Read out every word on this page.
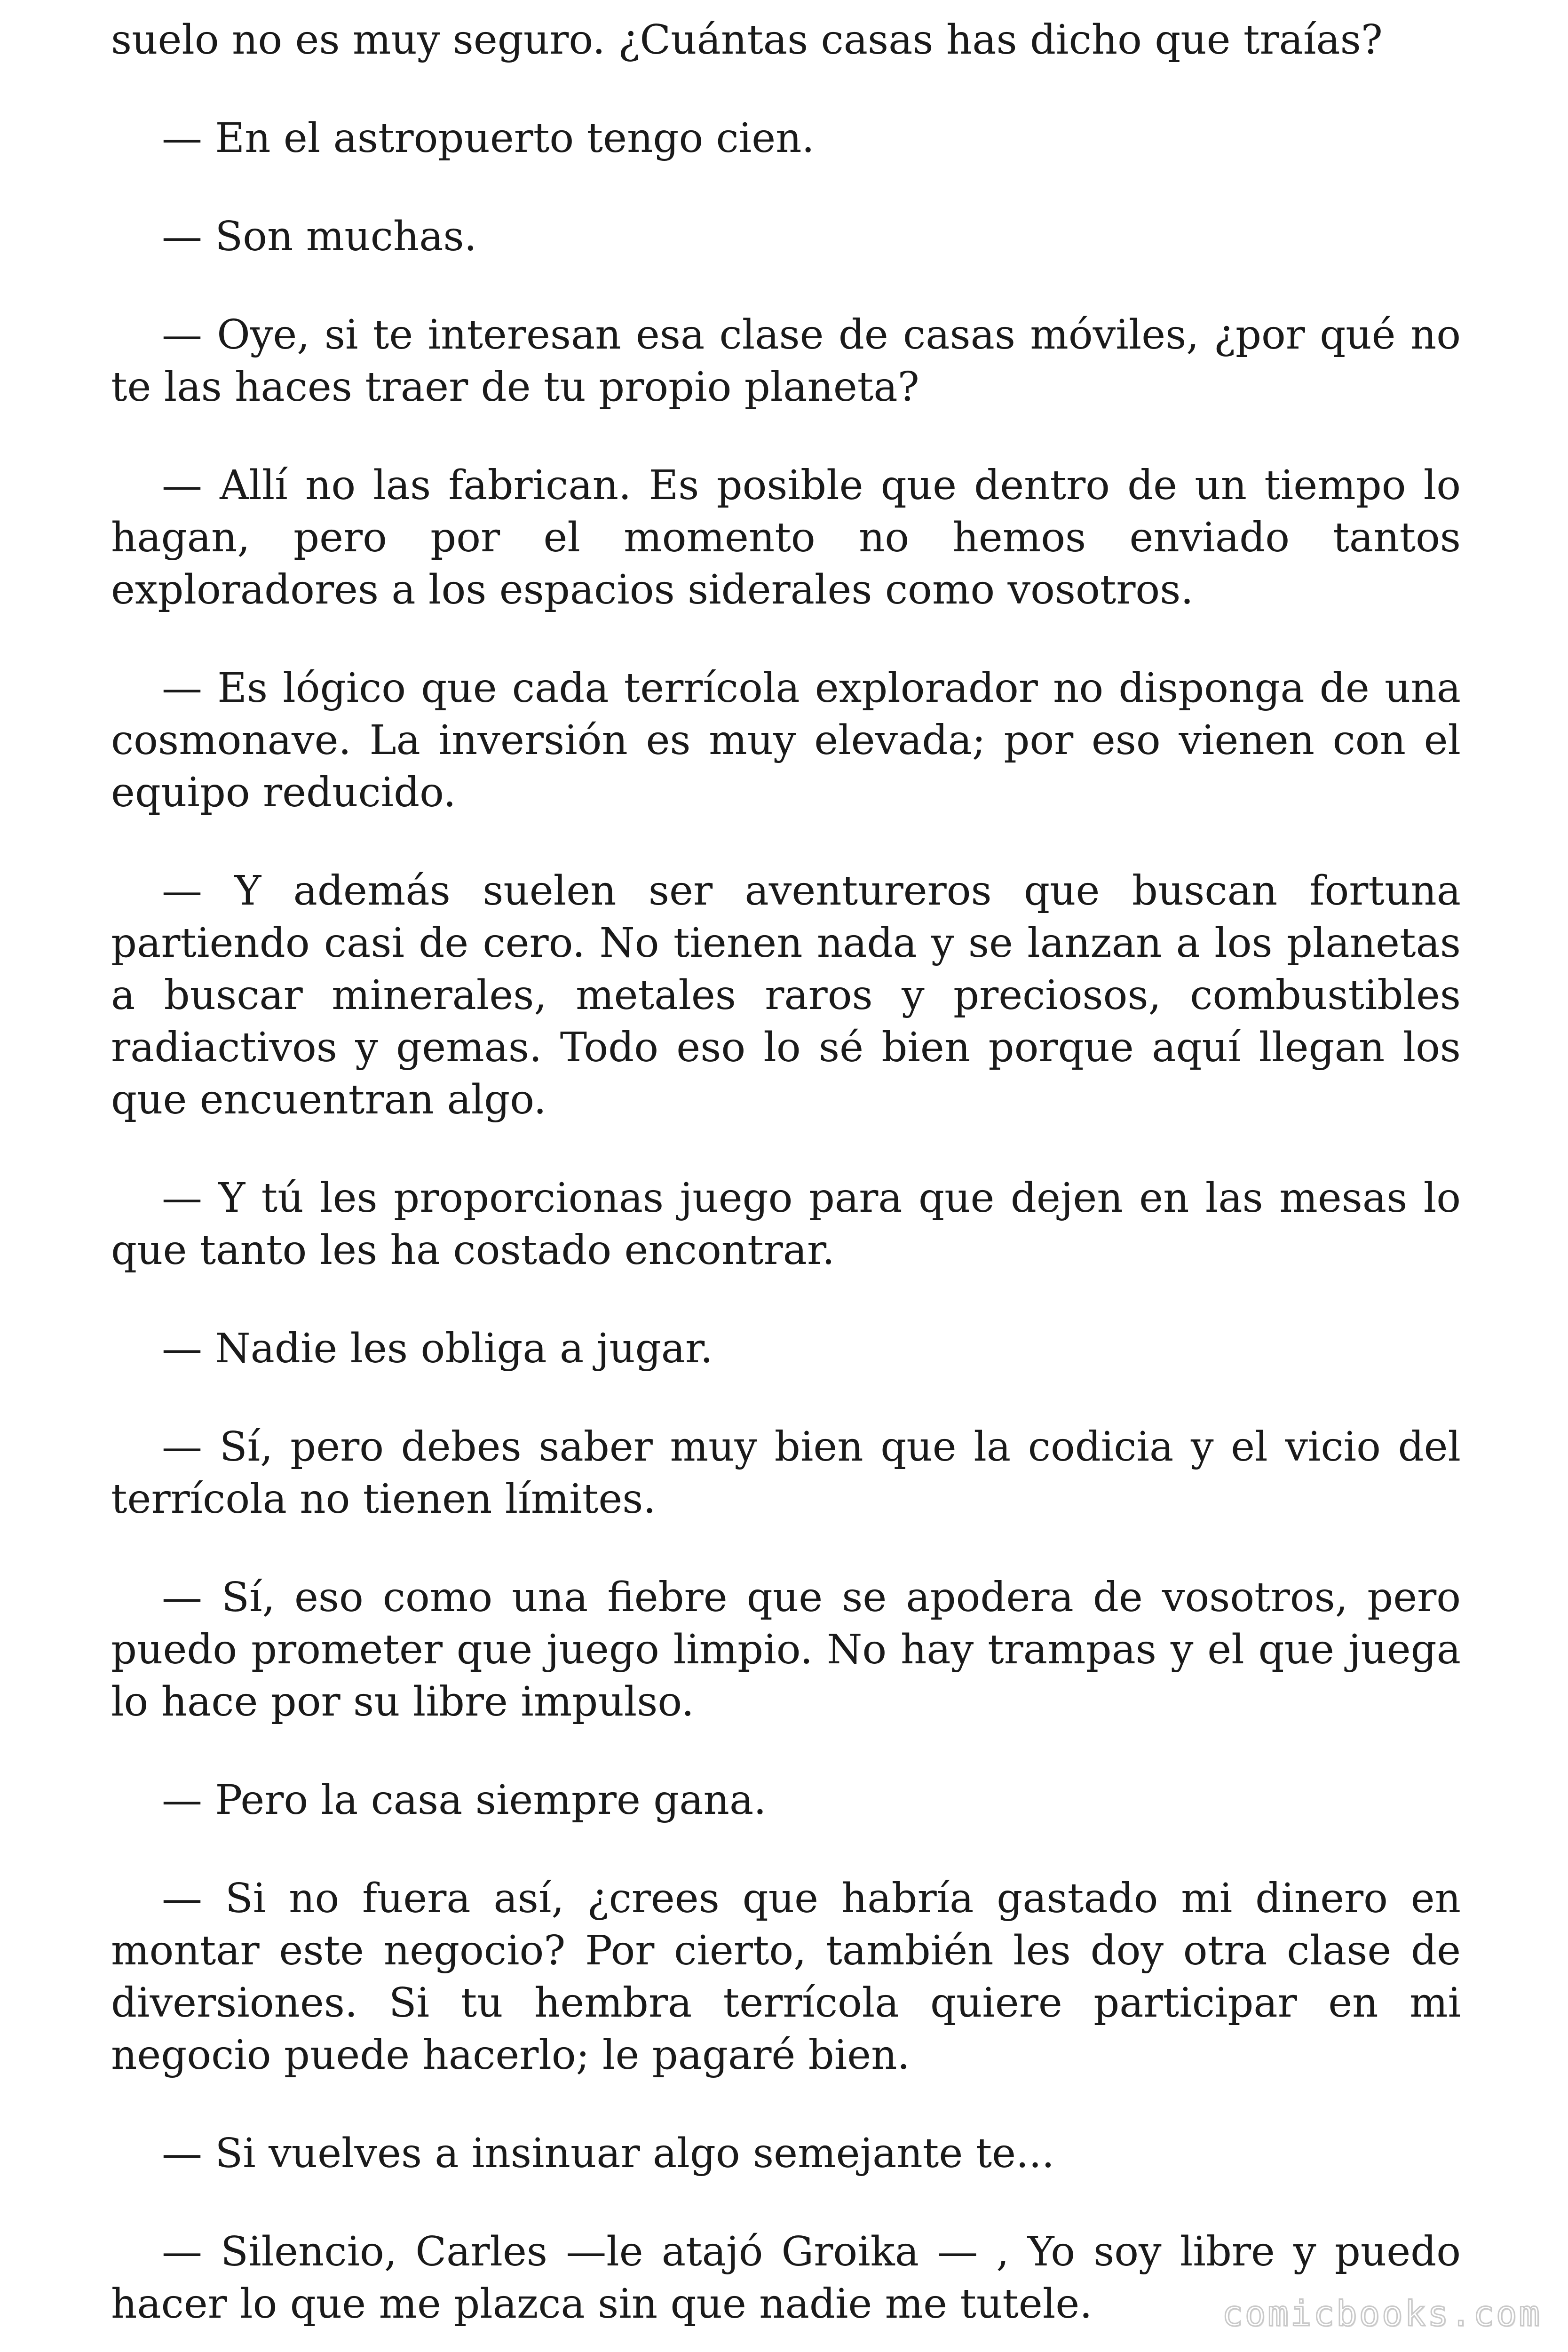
suelo no es muy seguro. ¿Cuántas casas has dicho que traías?

— En el astropuerto tengo cien.

— Son muchas.

— Oye, si te interesan esa clase de casas móviles, ¿por qué no te las haces traer de tu propio planeta?

— Allí no las fabrican. Es posible que dentro de un tiempo lo hagan, pero por el momento no hemos enviado tantos exploradores a los espacios siderales como vosotros.

— Es lógico que cada terrícola explorador no disponga de una cosmonave. La inversión es muy elevada; por eso vienen con el equipo reducido.

— Y además suelen ser aventureros que buscan fortuna partiendo casi de cero. No tienen nada y se lanzan a los planetas a buscar minerales, metales raros y preciosos, combustibles radiactivos y gemas. Todo eso lo sé bien porque aquí llegan los que encuentran algo.

— Y tú les proporcionas juego para que dejen en las mesas lo que tanto les ha costado encontrar.

— Nadie les obliga a jugar.

— Sí, pero debes saber muy bien que la codicia y el vicio del terrícola no tienen límites.

— Sí, eso como una fiebre que se apodera de vosotros, pero puedo prometer que juego limpio. No hay trampas y el que juega lo hace por su libre impulso.

— Pero la casa siempre gana.

— Si no fuera así, ¿crees que habría gastado mi dinero en montar este negocio? Por cierto, también les doy otra clase de diversiones. Si tu hembra terrícola quiere participar en mi negocio puede hacerlo; le pagaré bien.

— Si vuelves a insinuar algo semejante te...

— Silencio, Carles —le atajó Groika — , Yo soy libre y puedo hacer lo que me plazca sin que nadie me tutele.	comicbooks.com
